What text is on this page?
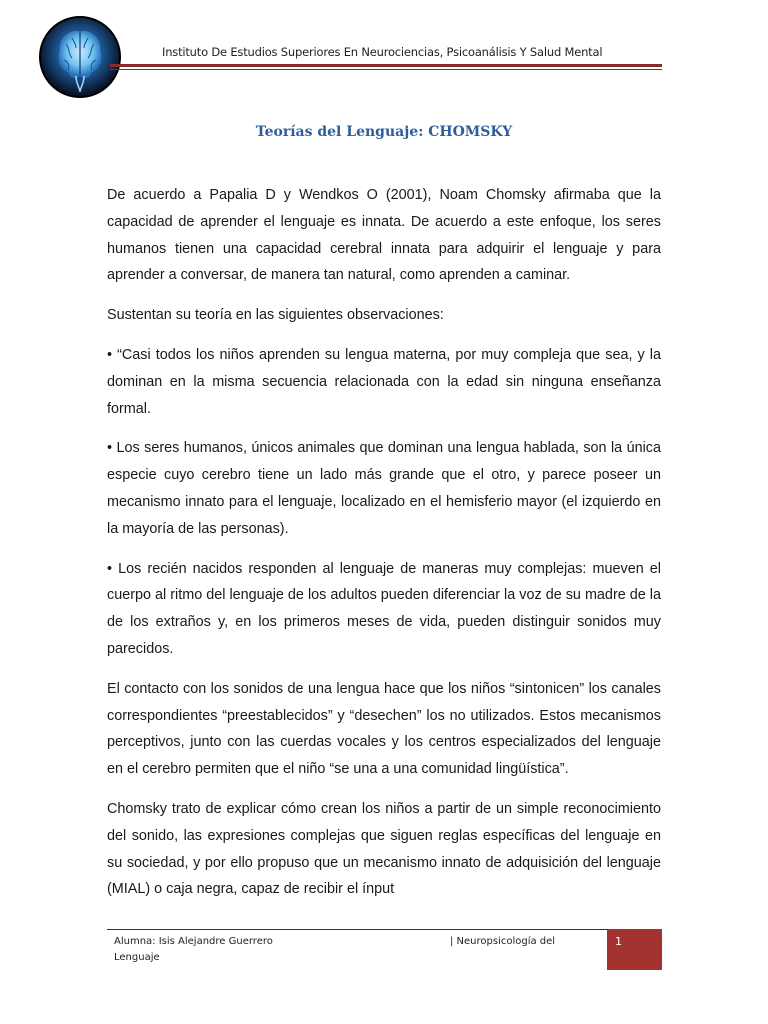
Instituto De Estudios Superiores En Neurociencias, Psicoanálisis Y Salud Mental
Teorías del Lenguaje: CHOMSKY

De acuerdo a Papalia D y Wendkos O (2001), Noam Chomsky afirmaba que la capacidad de aprender el lenguaje es innata. De acuerdo a este enfoque, los seres humanos tienen una capacidad cerebral innata para adquirir el lenguaje y para aprender a conversar, de manera tan natural, como aprenden a caminar.

Sustentan su teoría en las siguientes observaciones:

• “Casi todos los niños aprenden su lengua materna, por muy compleja que sea, y la dominan en la misma secuencia relacionada con la edad sin ninguna enseñanza formal.

• Los seres humanos, únicos animales que dominan una lengua hablada, son la única especie cuyo cerebro tiene un lado más grande que el otro, y parece poseer un mecanismo innato para el lenguaje, localizado en el hemisferio mayor (el izquierdo en la mayoría de las personas).

• Los recién nacidos responden al lenguaje de maneras muy complejas: mueven el cuerpo al ritmo del lenguaje de los adultos pueden diferenciar la voz de su madre de la de los extraños y, en los primeros meses de vida, pueden distinguir sonidos muy parecidos.

El contacto con los sonidos de una lengua hace que los niños “sintonicen” los canales correspondientes “preestablecidos” y “desechen” los no utilizados. Estos mecanismos perceptivos, junto con las cuerdas vocales y los centros especializados del lenguaje en el cerebro permiten que el niño “se una a una comunidad lingüística”.

Chomsky trato de explicar cómo crean los niños a partir de un simple reconocimiento del sonido, las expresiones complejas que siguen reglas específicas del lenguaje en su sociedad, y por ello propuso que un mecanismo innato de adquisición del lenguaje (MIAL) o caja negra, capaz de recibir el ínput

Alumna: Isis Alejandre Guerrero
Lenguaje
| Neuropsicología del	1
